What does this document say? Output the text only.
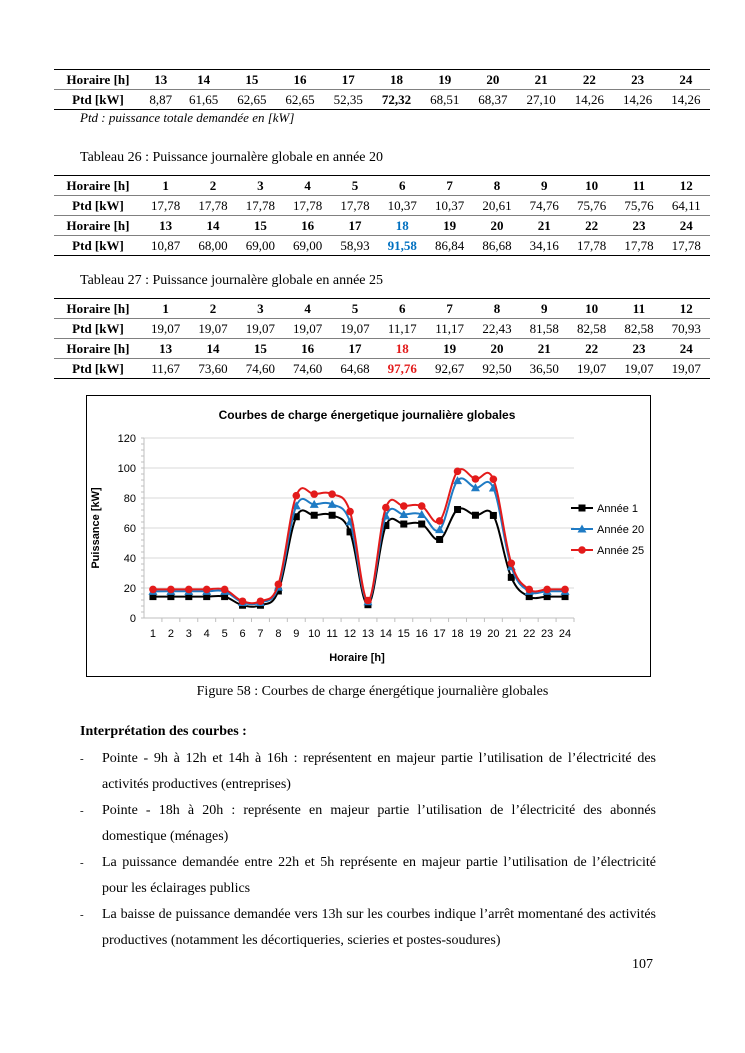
Horaire [h]	13	14	15	16	17	18	19	20	21	22	23	24
Ptd [kW]	8,87	61,65	62,65	62,65	52,35	72,32	68,51	68,37	27,10	14,26	14,26	14,26
Ptd : puissance totale demandée en [kW]
Tableau 26 : Puissance journalère globale en année 20
Horaire [h]	1	2	3	4	5	6	7	8	9	10	11	12
Ptd [kW]	17,78	17,78	17,78	17,78	17,78	10,37	10,37	20,61	74,76	75,76	75,76	64,11
Horaire [h]	13	14	15	16	17	18	19	20	21	22	23	24
Ptd [kW]	10,87	68,00	69,00	69,00	58,93	91,58	86,84	86,68	34,16	17,78	17,78	17,78
Tableau 27 : Puissance journalère globale en année 25
Horaire [h]	1	2	3	4	5	6	7	8	9	10	11	12
Ptd [kW]	19,07	19,07	19,07	19,07	19,07	11,17	11,17	22,43	81,58	82,58	82,58	70,93
Horaire [h]	13	14	15	16	17	18	19	20	21	22	23	24
Ptd [kW]	11,67	73,60	74,60	74,60	64,68	97,76	92,67	92,50	36,50	19,07	19,07	19,07
Courbes de charge énergetique journalière globales
0
20
40
60
80
100
120
1 2 3 4 5 6 7 8 9 10 11 12 13 14 15 16 17 18 19 20 21 22 23 24
Année 1
Année 20
Année 25
Horaire [h]
Puissance [kW]
Figure 58 : Courbes de charge énergétique journalière globales
Interprétation des courbes :
- Pointe - 9h à 12h et 14h à 16h : représentent en majeur partie l’utilisation de l’électricité des activités productives (entreprises)
- Pointe - 18h à 20h : représente en majeur partie l’utilisation de l’électricité des abonnés domestique (ménages)
- La puissance demandée entre 22h et 5h représente en majeur partie l’utilisation de l’électricité pour les éclairages publics
- La baisse de puissance demandée vers 13h sur les courbes indique l’arrêt momentané des activités productives (notamment les décortiqueries, scieries et postes-soudures)
107
